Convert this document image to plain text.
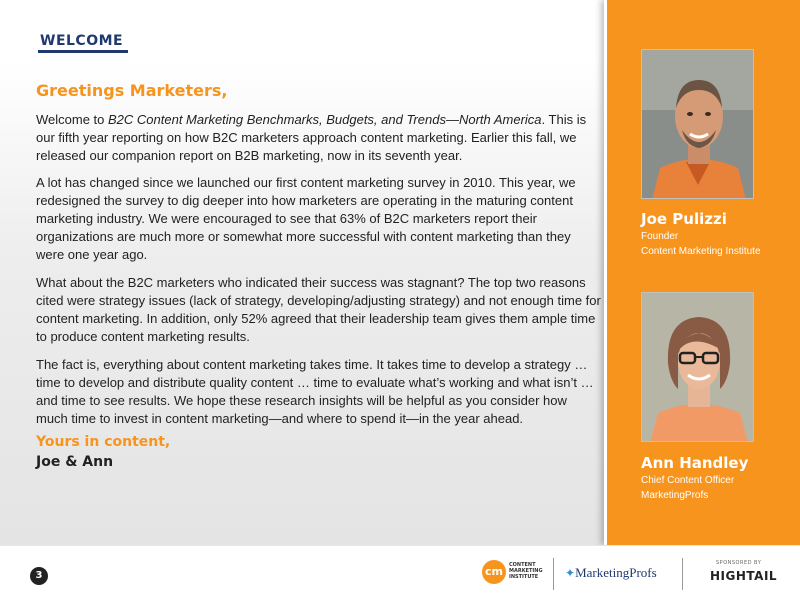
WELCOME
Greetings Marketers,

Welcome to B2C Content Marketing Benchmarks, Budgets, and Trends—North America. This is our fifth year reporting on how B2C marketers approach content marketing. Earlier this fall, we released our companion report on B2B marketing, now in its seventh year.

A lot has changed since we launched our first content marketing survey in 2010. This year, we redesigned the survey to dig deeper into how marketers are operating in the maturing content marketing industry. We were encouraged to see that 63% of B2C marketers report their organizations are much more or somewhat more successful with content marketing than they were one year ago.

What about the B2C marketers who indicated their success was stagnant? The top two reasons cited were strategy issues (lack of strategy, developing/adjusting strategy) and not enough time for content marketing. In addition, only 52% agreed that their leadership team gives them ample time to produce content marketing results.

The fact is, everything about content marketing takes time. It takes time to develop a strategy … time to develop and distribute quality content … time to evaluate what’s working and what isn’t … and time to see results. We hope these research insights will be helpful as you consider how much time to invest in content marketing—and where to spend it—in the year ahead.

Yours in content,
Joe & Ann
Joe Pulizzi
Founder
Content Marketing Institute
Ann Handley
Chief Content Officer
MarketingProfs
3	cm	CONTENT MARKETING INSTITUTE	✦MarketingProfs
SPONSORED BY
HIGHTAIL
